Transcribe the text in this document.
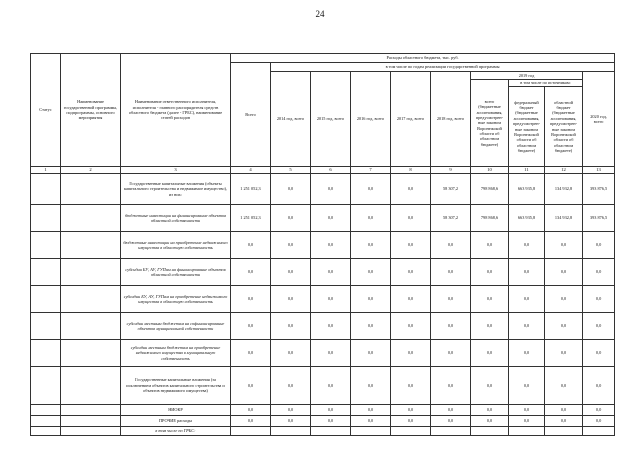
24
Статус	Наименование государственной программы, подпрограммы, основного мероприятия	Наименование ответственного исполнителя, исполнителя - главного распорядителя средств областного бюджета (далее - ГРБС), наименование статей расходов	Расходы областного бюджета, тыс. руб.									
			Всего	в том числе по годам реализации государственной программы								
				2014 год, всего	2015 год, всего	2016 год, всего	2017 год, всего	2018 год, всего	2019 год			2020 год, всего
									всего (бюджетные ассигнования, предусмотрен-ные законом Воронежской области об областном бюджете)	в том числе по источникам:		
										федеральный бюджет (бюджетные ассигнования, предусмотрен-ные законом Воронежской области об областном бюджете)	областной бюджет (бюджетные ассигнования, предусмотрен-ные законом Воронежской области об областном бюджете)	
1	2	3	4	5	6	7	8	9	10	11	12	13
		Государственные капитальные вложения (объекты капитального строительства и недвижимое имущество), из них:	1 251 052,3	0,0	0,0	0,0	0,0	58 307,2	798 868,6	663 935,8	134 932,8	393 876,5
		бюджетные инвестиции на финансирование объектов областной собственности	1 251 052,3	0,0	0,0	0,0	0,0	58 307,2	798 868,6	663 935,8	134 932,8	393 876,5
		бюджетные инвестиции на приобретение недвижимого имущества в областную собственность	0,0	0,0	0,0	0,0	0,0	0,0	0,0	0,0	0,0	0,0
		субсидии БУ, АУ, ГУПам на финансирование объектов областной собственности	0,0	0,0	0,0	0,0	0,0	0,0	0,0	0,0	0,0	0,0
		субсидии БУ, АУ, ГУПам на приобретение недвижимого имущества в областную собственность	0,0	0,0	0,0	0,0	0,0	0,0	0,0	0,0	0,0	0,0
		субсидии местным бюджетам на софинансирование объектов муниципальной собственности	0,0	0,0	0,0	0,0	0,0	0,0	0,0	0,0	0,0	0,0
		субсидии местным бюджетам на приобретение недвижимого имущества в муниципальную собственность	0,0	0,0	0,0	0,0	0,0	0,0	0,0	0,0	0,0	0,0
		Государственные капитальные вложения (за исключением объектов капитального строительства и объектов недвижимого имущества)	0,0	0,0	0,0	0,0	0,0	0,0	0,0	0,0	0,0	0,0
		НИОКР	0,0	0,0	0,0	0,0	0,0	0,0	0,0	0,0	0,0	0,0
		ПРОЧИЕ расходы	0,0	0,0	0,0	0,0	0,0	0,0	0,0	0,0	0,0	0,0
		в том числе по ГРБС:										
